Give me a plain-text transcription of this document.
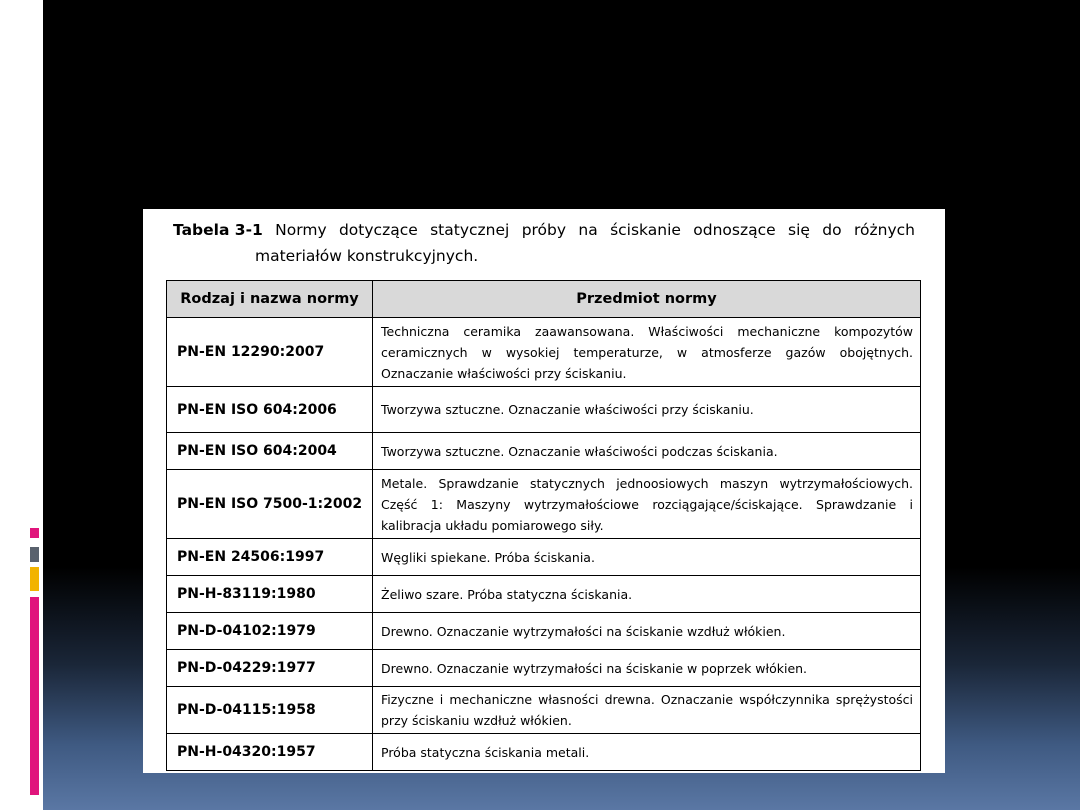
Tabela 3-1 Normy dotyczące statycznej próby na ściskanie odnoszące się do różnych
materiałów konstrukcyjnych.
Rodzaj i nazwa normy	Przedmiot normy
PN-EN 12290:2007	Techniczna ceramika zaawansowana. Właściwości mechaniczne kompozytów ceramicznych w wysokiej temperaturze, w atmosferze gazów obojętnych. Oznaczanie właściwości przy ściskaniu.
PN-EN ISO 604:2006	Tworzywa sztuczne. Oznaczanie właściwości przy ściskaniu.
PN-EN ISO 604:2004	Tworzywa sztuczne. Oznaczanie właściwości podczas ściskania.
PN-EN ISO 7500-1:2002	Metale. Sprawdzanie statycznych jednoosiowych maszyn wytrzymałościowych. Część 1: Maszyny wytrzymałościowe rozciągające/ściskające. Sprawdzanie i kalibracja układu pomiarowego siły.
PN-EN 24506:1997	Węgliki spiekane. Próba ściskania.
PN-H-83119:1980	Żeliwo szare. Próba statyczna ściskania.
PN-D-04102:1979	Drewno. Oznaczanie wytrzymałości na ściskanie wzdłuż włókien.
PN-D-04229:1977	Drewno. Oznaczanie wytrzymałości na ściskanie w poprzek włókien.
PN-D-04115:1958	Fizyczne i mechaniczne własności drewna. Oznaczanie współczynnika sprężystości przy ściskaniu wzdłuż włókien.
PN-H-04320:1957	Próba statyczna ściskania metali.
